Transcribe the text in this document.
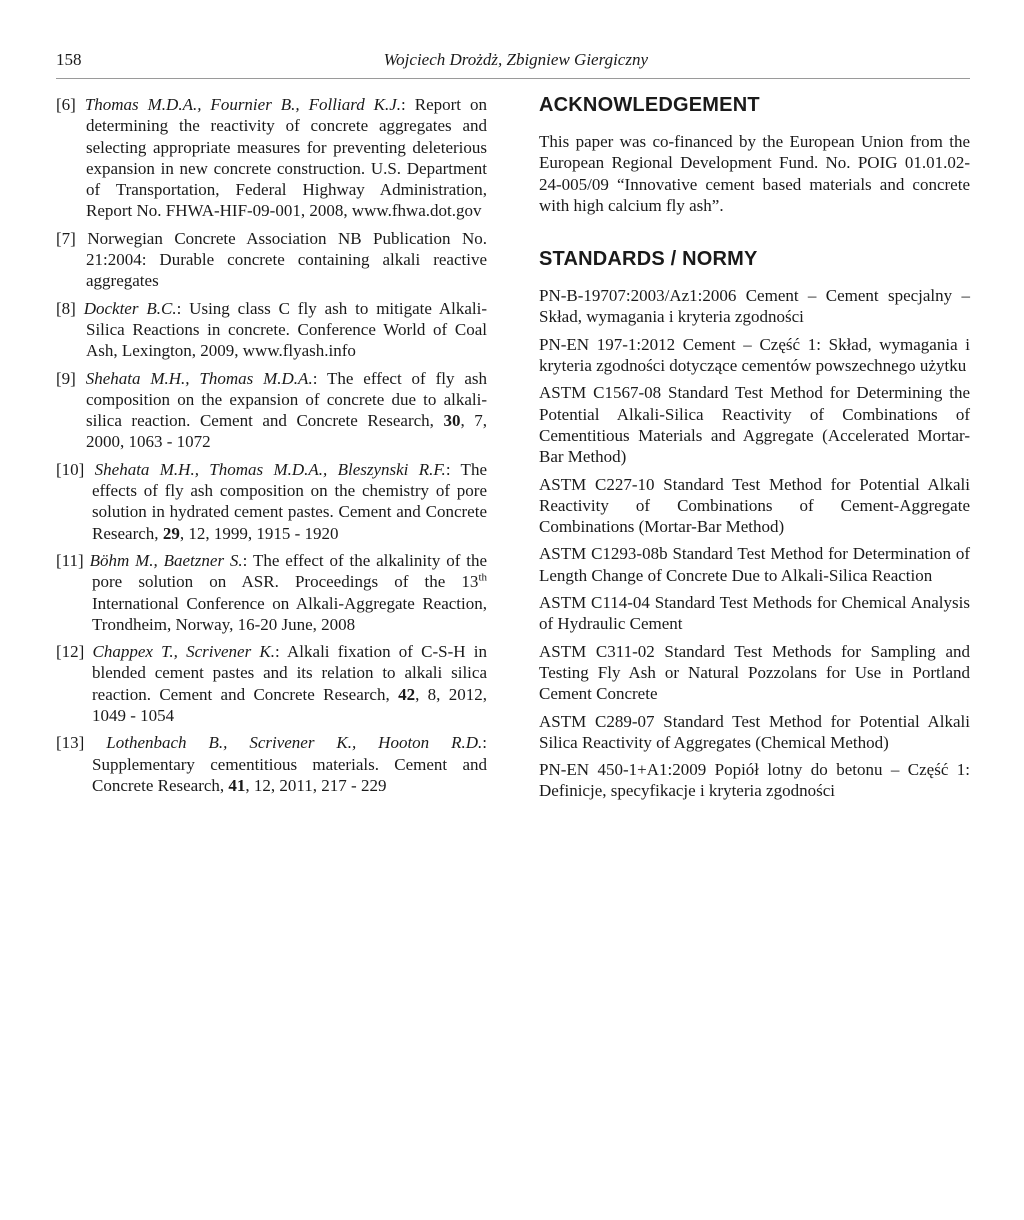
158	Wojciech Drożdż, Zbigniew Giergiczny
[6] Thomas M.D.A., Fournier B., Folliard K.J.: Report on determining the reactivity of concrete aggregates and selecting appropriate measures for preventing deleterious expansion in new concrete construction. U.S. Department of Transportation, Federal Highway Administration, Report No. FHWA-HIF-09-001, 2008, www.fhwa.dot.gov
[7] Norwegian Concrete Association NB Publication No. 21:2004: Durable concrete containing alkali reactive aggregates
[8] Dockter B.C.: Using class C fly ash to mitigate Alkali-Silica Reactions in concrete. Conference World of Coal Ash, Lexington, 2009, www.flyash.info
[9] Shehata M.H., Thomas M.D.A.: The effect of fly ash composition on the expansion of concrete due to alkali-silica reaction. Cement and Concrete Research, 30, 7, 2000, 1063 - 1072
[10] Shehata M.H., Thomas M.D.A., Bleszynski R.F.: The effects of fly ash composition on the chemistry of pore solution in hydrated cement pastes. Cement and Concrete Research, 29, 12, 1999, 1915 - 1920
[11] Böhm M., Baetzner S.: The effect of the alkalinity of the pore solution on ASR. Proceedings of the 13th International Conference on Alkali-Aggregate Reaction, Trondheim, Norway, 16-20 June, 2008
[12] Chappex T., Scrivener K.: Alkali fixation of C-S-H in blended cement pastes and its relation to alkali silica reaction. Cement and Concrete Research, 42, 8, 2012, 1049 - 1054
[13] Lothenbach B., Scrivener K., Hooton R.D.: Supplementary cementitious materials. Cement and Concrete Research, 41, 12, 2011, 217 - 229
ACKNOWLEDGEMENT

This paper was co-financed by the European Union from the European Regional Development Fund. No. POIG 01.01.02-24-005/09 “Innovative cement based materials and concrete with high calcium fly ash”.

STANDARDS / NORMY
PN-B-19707:2003/Az1:2006 Cement – Cement specjalny – Skład, wymagania i kryteria zgodności
PN-EN 197-1:2012 Cement – Część 1: Skład, wymagania i kryteria zgodności dotyczące cementów powszechnego użytku
ASTM C1567-08 Standard Test Method for Determining the Potential Alkali-Silica Reactivity of Combinations of Cementitious Materials and Aggregate (Accelerated Mortar-Bar Method)
ASTM C227-10 Standard Test Method for Potential Alkali Reactivity of Combinations of Cement-Aggregate Combinations (Mortar-Bar Method)
ASTM C1293-08b Standard Test Method for Determination of Length Change of Concrete Due to Alkali-Silica Reaction
ASTM C114-04 Standard Test Methods for Chemical Analysis of Hydraulic Cement
ASTM C311-02 Standard Test Methods for Sampling and Testing Fly Ash or Natural Pozzolans for Use in Portland Cement Concrete
ASTM C289-07 Standard Test Method for Potential Alkali Silica Reactivity of Aggregates (Chemical Method)
PN-EN 450-1+A1:2009 Popiół lotny do betonu – Część 1: Definicje, specyfikacje i kryteria zgodności
